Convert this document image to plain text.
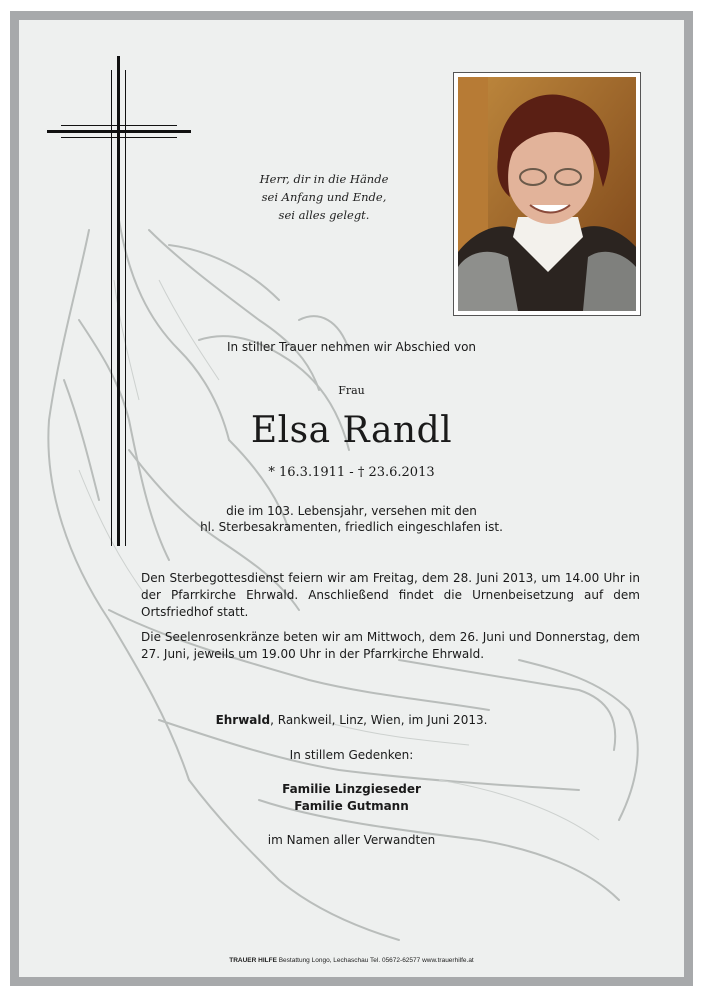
Herr, dir in die Hände
sei Anfang und Ende,
sei alles gelegt.
In stiller Trauer nehmen wir Abschied von
Frau
Elsa Randl
* 16.3.1911 - † 23.6.2013
die im 103. Lebensjahr, versehen mit den
hl. Sterbesakramenten, friedlich eingeschlafen ist.
Den Sterbegottesdienst feiern wir am Freitag, dem 28. Juni 2013, um 14.00 Uhr in der Pfarrkirche Ehrwald. Anschließend findet die Urnenbeisetzung auf dem Ortsfriedhof statt.
Die Seelenrosenkränze beten wir am Mittwoch, dem 26. Juni und Donnerstag, dem 27. Juni, jeweils um 19.00 Uhr in der Pfarrkirche Ehrwald.
Ehrwald, Rankweil, Linz, Wien, im Juni 2013.
In stillem Gedenken:
Familie Linzgieseder
Familie Gutmann
im Namen aller Verwandten
TRAUER HILFE Bestattung Longo, Lechaschau Tel. 05672-62577 www.trauerhilfe.at
